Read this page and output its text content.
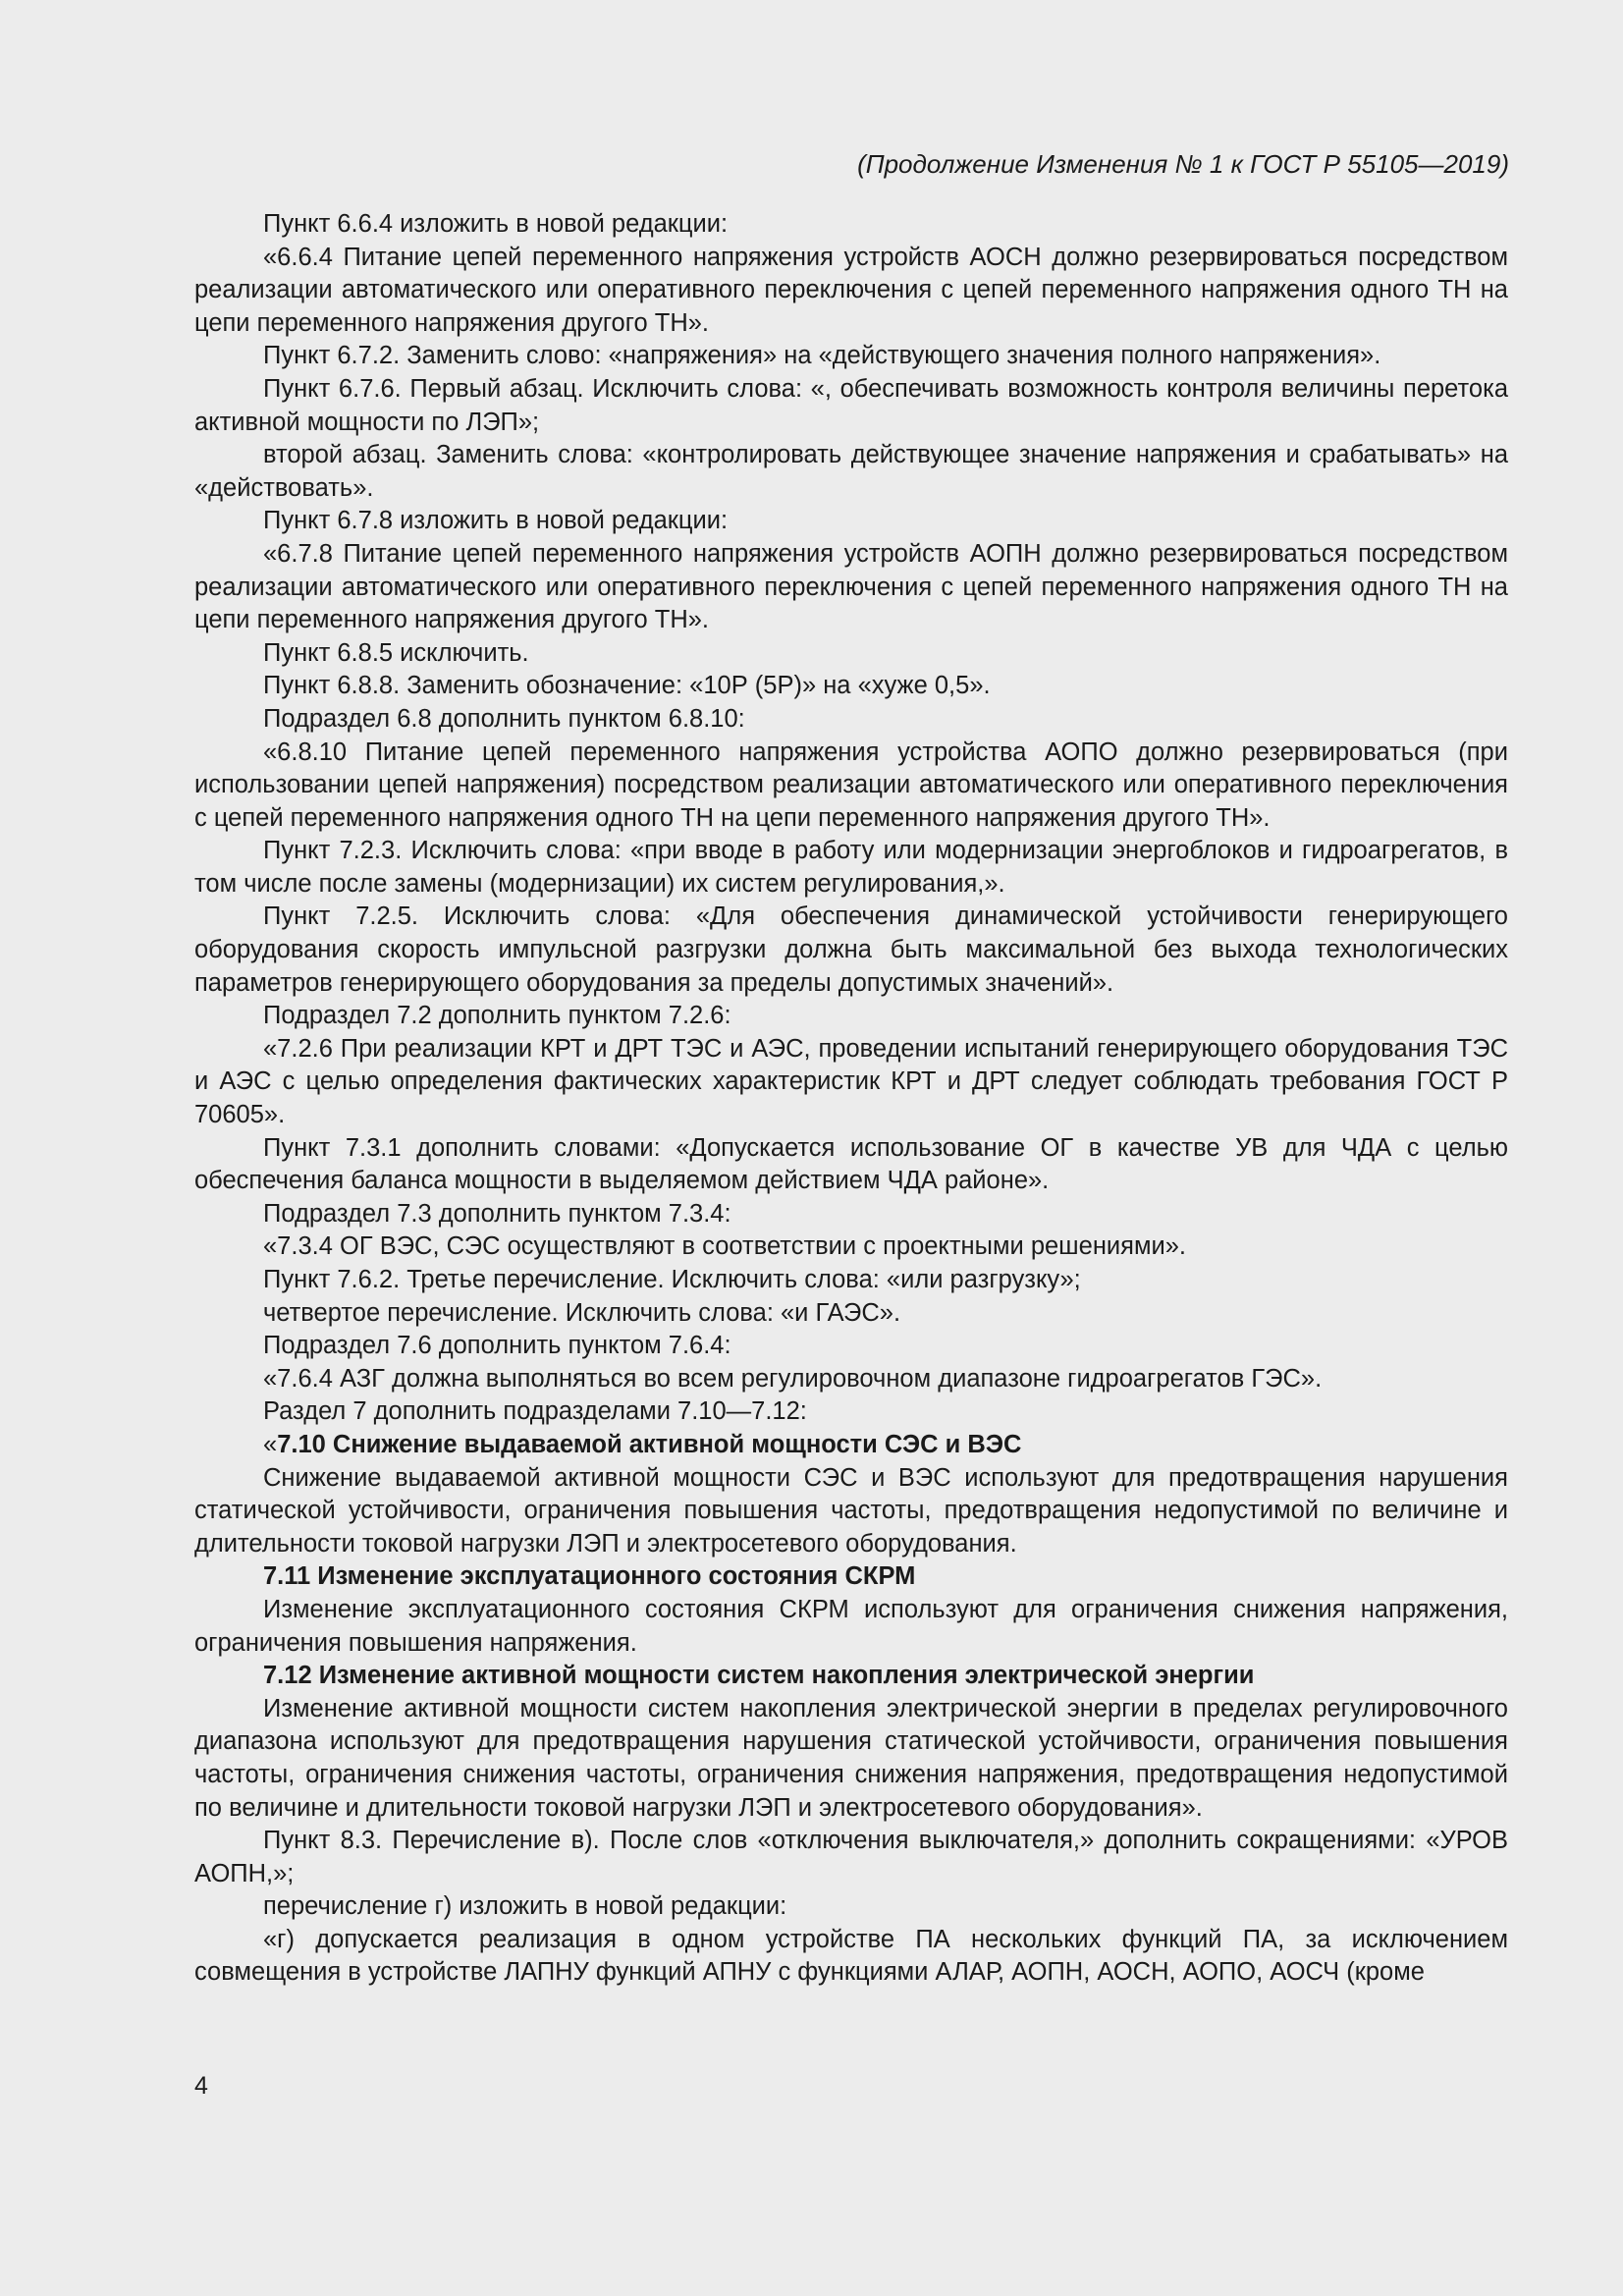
(Продолжение Изменения № 1 к ГОСТ Р 55105—2019)

Пункт 6.6.4 изложить в новой редакции:

«6.6.4 Питание цепей переменного напряжения устройств АОСН должно резервироваться посредством реализации автоматического или оперативного переключения с цепей переменного напряжения одного ТН на цепи переменного напряжения другого ТН».

Пункт 6.7.2. Заменить слово: «напряжения» на «действующего значения полного напряжения».

Пункт 6.7.6. Первый абзац. Исключить слова: «, обеспечивать возможность контроля величины перетока активной мощности по ЛЭП»;

второй абзац. Заменить слова: «контролировать действующее значение напряжения и срабатывать» на «действовать».

Пункт 6.7.8 изложить в новой редакции:

«6.7.8 Питание цепей переменного напряжения устройств АОПН должно резервироваться посредством реализации автоматического или оперативного переключения с цепей переменного напряжения одного ТН на цепи переменного напряжения другого ТН».

Пункт 6.8.5 исключить.

Пункт 6.8.8. Заменить обозначение: «10Р (5Р)» на «хуже 0,5».

Подраздел 6.8 дополнить пунктом 6.8.10:

«6.8.10 Питание цепей переменного напряжения устройства АОПО должно резервироваться (при использовании цепей напряжения) посредством реализации автоматического или оперативного переключения с цепей переменного напряжения одного ТН на цепи переменного напряжения другого ТН».

Пункт 7.2.3. Исключить слова: «при вводе в работу или модернизации энергоблоков и гидроагрегатов, в том числе после замены (модернизации) их систем регулирования,».

Пункт 7.2.5. Исключить слова: «Для обеспечения динамической устойчивости генерирующего оборудования скорость импульсной разгрузки должна быть максимальной без выхода технологических параметров генерирующего оборудования за пределы допустимых значений».

Подраздел 7.2 дополнить пунктом 7.2.6:

«7.2.6 При реализации КРТ и ДРТ ТЭС и АЭС, проведении испытаний генерирующего оборудования ТЭС и АЭС с целью определения фактических характеристик КРТ и ДРТ следует соблюдать требования ГОСТ Р 70605».

Пункт 7.3.1 дополнить словами: «Допускается использование ОГ в качестве УВ для ЧДА с целью обеспечения баланса мощности в выделяемом действием ЧДА районе».

Подраздел 7.3 дополнить пунктом 7.3.4:

«7.3.4 ОГ ВЭС, СЭС осуществляют в соответствии с проектными решениями».

Пункт 7.6.2. Третье перечисление. Исключить слова: «или разгрузку»;

четвертое перечисление. Исключить слова: «и ГАЭС».

Подраздел 7.6 дополнить пунктом 7.6.4:

«7.6.4 АЗГ должна выполняться во всем регулировочном диапазоне гидроагрегатов ГЭС».

Раздел 7 дополнить подразделами 7.10—7.12:

«7.10 Снижение выдаваемой активной мощности СЭС и ВЭС

Снижение выдаваемой активной мощности СЭС и ВЭС используют для предотвращения нарушения статической устойчивости, ограничения повышения частоты, предотвращения недопустимой по величине и длительности токовой нагрузки ЛЭП и электросетевого оборудования.

7.11 Изменение эксплуатационного состояния СКРМ

Изменение эксплуатационного состояния СКРМ используют для ограничения снижения напряжения, ограничения повышения напряжения.

7.12 Изменение активной мощности систем накопления электрической энергии

Изменение активной мощности систем накопления электрической энергии в пределах регулировочного диапазона используют для предотвращения нарушения статической устойчивости, ограничения повышения частоты, ограничения снижения частоты, ограничения снижения напряжения, предотвращения недопустимой по величине и длительности токовой нагрузки ЛЭП и электросетевого оборудования».

Пункт 8.3. Перечисление в). После слов «отключения выключателя,» дополнить сокращениями: «УРОВ АОПН,»;

перечисление г) изложить в новой редакции:

«г) допускается реализация в одном устройстве ПА нескольких функций ПА, за исключением совмещения в устройстве ЛАПНУ функций АПНУ с функциями АЛАР, АОПН, АОСН, АОПО, АОСЧ (кроме

4
